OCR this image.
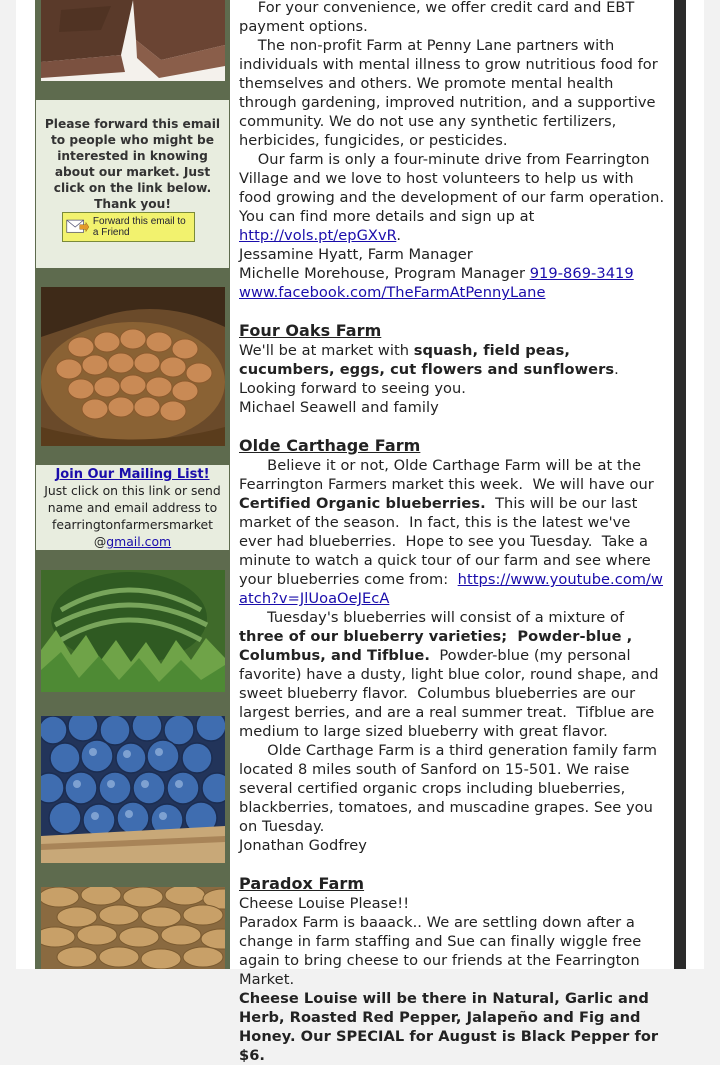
Please forward this email to people who might be interested in knowing about our market. Just click on the link below. Thank you!
Forward this email to a Friend
Join Our Mailing List!
Just click on this link or send name and email address to fearringtonfarmersmarket @gmail.com

For your convenience, we offer credit card and EBT payment options.

The non-profit Farm at Penny Lane partners with individuals with mental illness to grow nutritious food for themselves and others. We promote mental health through gardening, improved nutrition, and a supportive community. We do not use any synthetic fertilizers, herbicides, fungicides, or pesticides.

Our farm is only a four-minute drive from Fearrington Village and we love to host volunteers to help us with food growing and the development of our farm operation. You can find more details and sign up at http://vols.pt/epGXvR.

Jessamine Hyatt, Farm Manager

Michelle Morehouse, Program Manager 919-869-3419

www.facebook.com/TheFarmAtPennyLane

Four Oaks Farm

We'll be at market with squash, field peas, cucumbers, eggs, cut flowers and sunflowers.  Looking forward to seeing you.

Michael Seawell and family

Olde Carthage Farm

Believe it or not, Olde Carthage Farm will be at the Fearrington Farmers market this week.  We will have our Certified Organic blueberries.  This will be our last market of the season.  In fact, this is the latest we've ever had blueberries.  Hope to see you Tuesday.  Take a minute to watch a quick tour of our farm and see where your blueberries come from:  https://www.youtube.com/watch?v=JlUoaOeJEcA

Tuesday's blueberries will consist of a mixture of three of our blueberry varieties;  Powder-blue , Columbus, and Tifblue.  Powder-blue (my personal favorite) have a dusty, light blue color, round shape, and sweet blueberry flavor.  Columbus blueberries are our largest berries, and are a real summer treat.  Tifblue are medium to large sized blueberry with great flavor.

Olde Carthage Farm is a third generation family farm located 8 miles south of Sanford on 15-501. We raise several certified organic crops including blueberries, blackberries, tomatoes, and muscadine grapes. See you on Tuesday.

Jonathan Godfrey

Paradox Farm

Cheese Louise Please!!

Paradox Farm is baaack.. We are settling down after a change in farm staffing and Sue can finally wiggle free again to bring cheese to our friends at the Fearrington Market.

Cheese Louise will be there in Natural, Garlic and Herb, Roasted Red Pepper, Jalapeño and Fig and Honey. Our SPECIAL for August is Black Pepper for $6.
